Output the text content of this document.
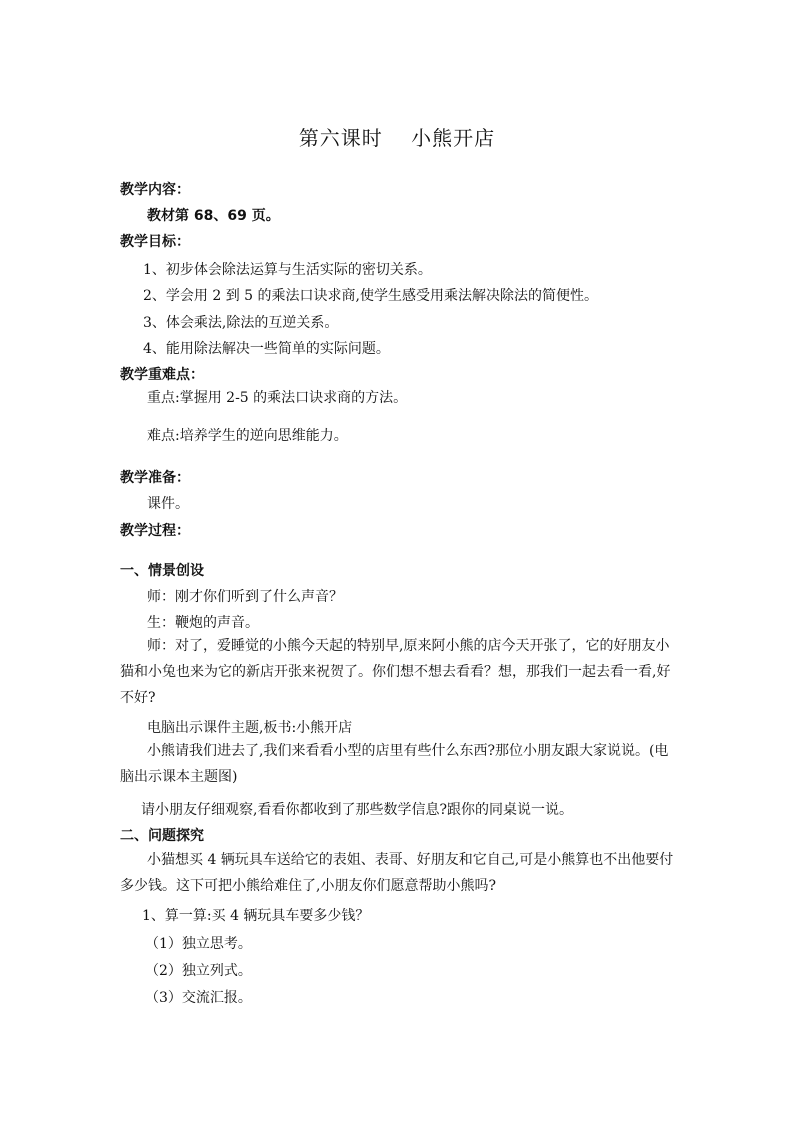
第六课时　 小熊开店
教学内容：
教材第 68、69 页。
教学目标：
1、初步体会除法运算与生活实际的密切关系。
2、学会用 2 到 5 的乘法口诀求商,使学生感受用乘法解决除法的简便性。
3、体会乘法,除法的互逆关系。
4、能用除法解决一些简单的实际问题。
教学重难点：
重点:掌握用 2-5 的乘法口诀求商的方法。
难点:培养学生的逆向思维能力。
教学准备：
课件。
教学过程：
一、情景创设
师：刚才你们听到了什么声音？
生：鞭炮的声音。
师：对了，爱睡觉的小熊今天起的特别早,原来阿小熊的店今天开张了，它的好朋友小猫和小兔也来为它的新店开张来祝贺了。你们想不想去看看？想，那我们一起去看一看,好不好?
电脑出示课件主题,板书:小熊开店
小熊请我们进去了,我们来看看小型的店里有些什么东西?那位小朋友跟大家说说。(电脑出示课本主题图)
请小朋友仔细观察,看看你都收到了那些数学信息?跟你的同桌说一说。
二、问题探究
小猫想买 4 辆玩具车送给它的表姐、表哥、好朋友和它自己,可是小熊算也不出他要付多少钱。这下可把小熊给难住了,小朋友你们愿意帮助小熊吗?
1、算一算:买 4 辆玩具车要多少钱？
（1）独立思考。
（2）独立列式。
（3）交流汇报。
